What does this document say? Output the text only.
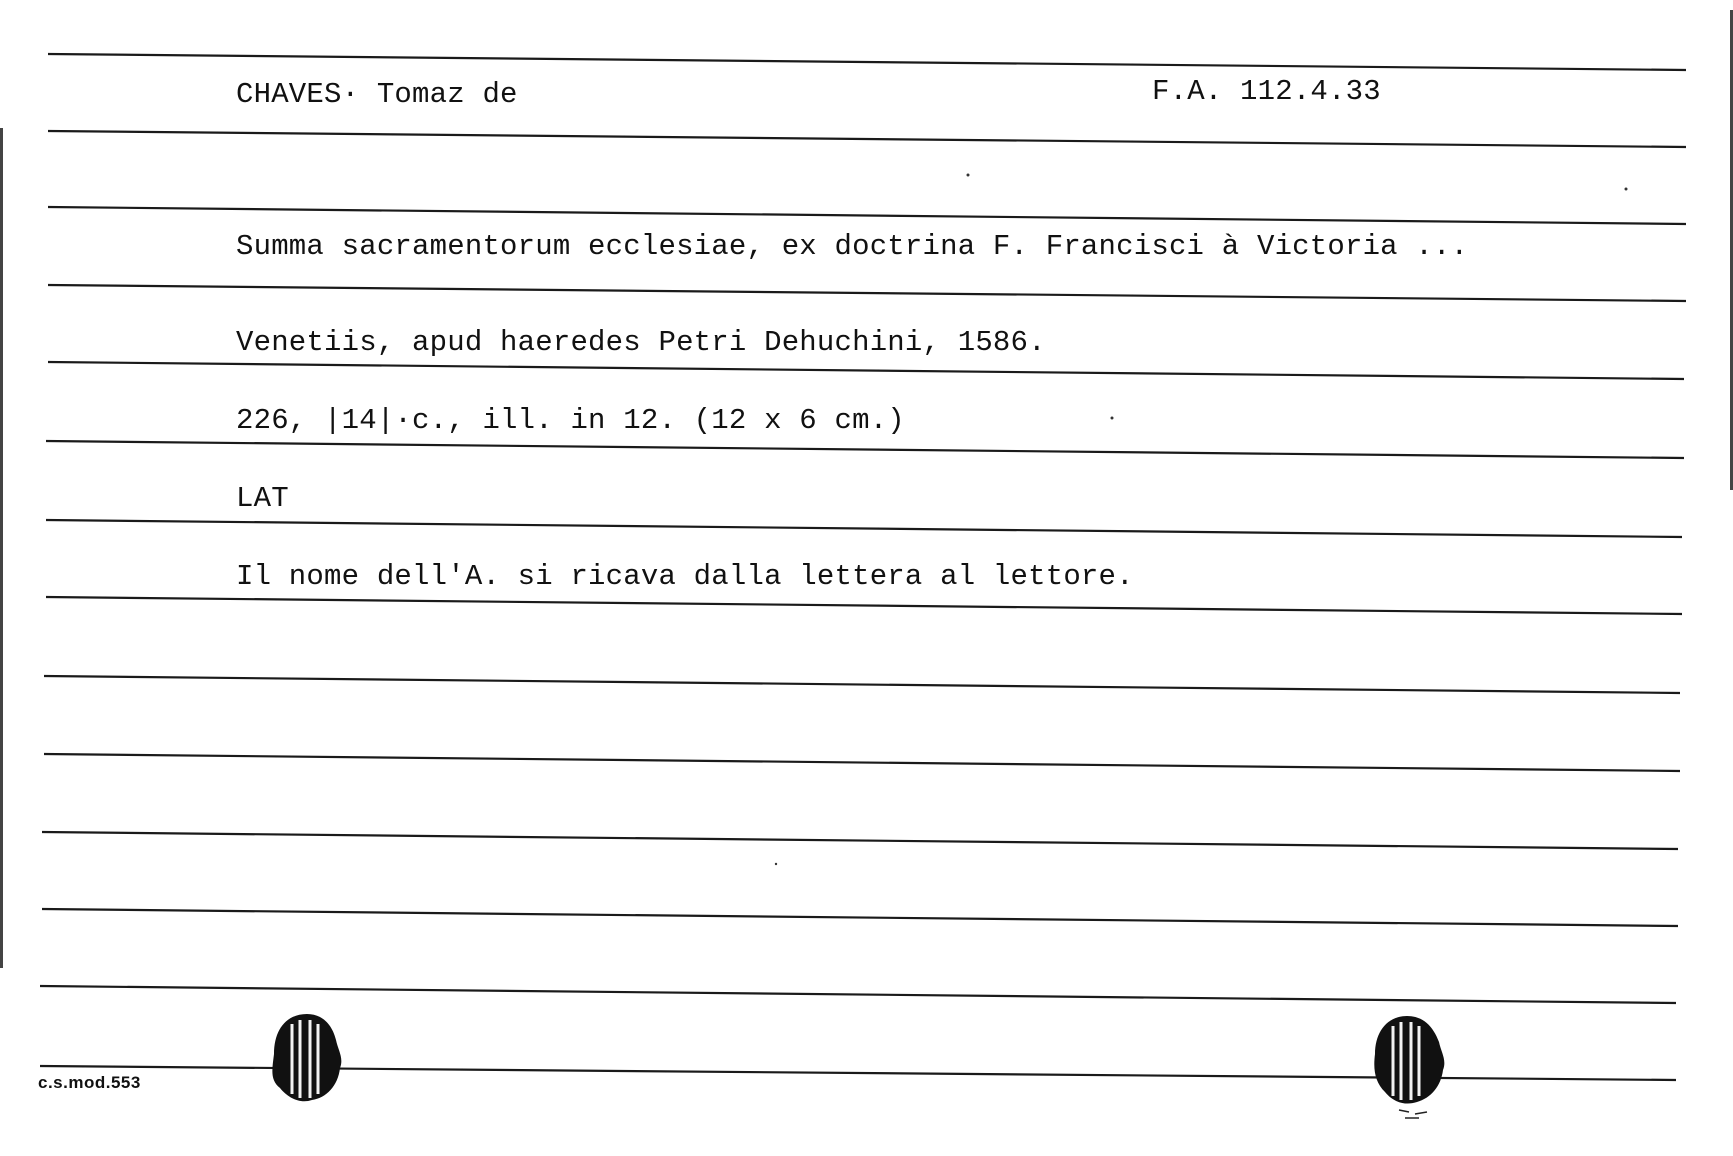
CHAVES· Tomaz de	F.A. 112.4.33
Summa sacramentorum ecclesiae, ex doctrina F. Francisci à Victoria ...
Venetiis, apud haeredes Petri Dehuchini, 1586.
226, |14|·c., ill. in 12. (12 x 6 cm.)
LAT
Il nome dell'A. si ricava dalla lettera al lettore.
c.s.mod.553
